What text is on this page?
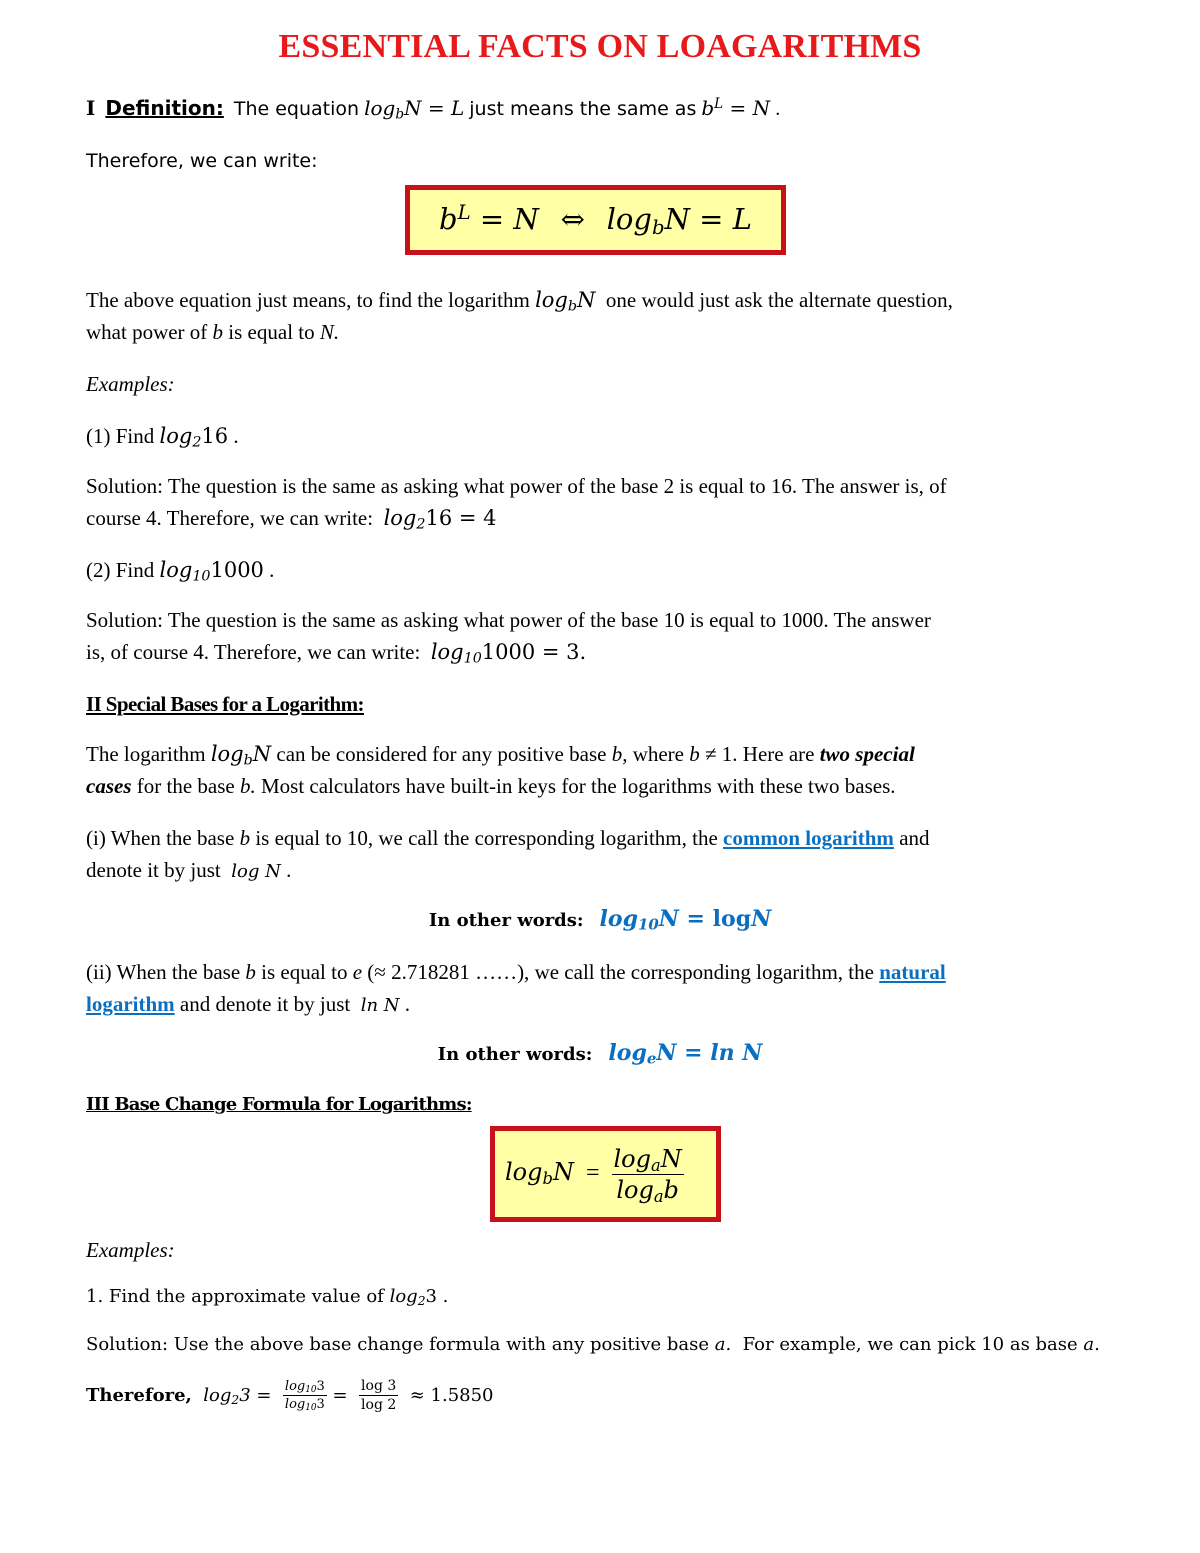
ESSENTIAL FACTS ON LOAGARITHMS
I Definition: The equation $\log_bN = L$ just means the same as $b^L = N$ .
Therefore, we can write:
$b^L = N$ ⇔ $\log_bN = L$
The above equation just means, to find the logarithm $\log_bN$ one would just ask the alternate question,
what power of b is equal to N.
Examples:
(1) Find $\log_216$ .
Solution: The question is the same as asking what power of the base 2 is equal to 16. The answer is, of
course 4. Therefore, we can write: $\log_216 = 4$
(2) Find $\log_{10}1000$ .
Solution: The question is the same as asking what power of the base 10 is equal to 1000. The answer
is, of course 4. Therefore, we can write: $\log_{10}1000 = 3$.
II Special Bases for a Logarithm:
The logarithm $\log_bN$ can be considered for any positive base b, where b ≠ 1. Here are two special
cases for the base b. Most calculators have built-in keys for the logarithms with these two bases.
(i) When the base b is equal to 10, we call the corresponding logarithm, the common logarithm and
denote it by just log N .
In other words: $\log_{10}N = \log N$
(ii) When the base b is equal to e (≈ 2.718281 ……), we call the corresponding logarithm, the natural
logarithm and denote it by just ln N .
In other words: $\log_eN = \ln N$
III Base Change Formula for Logarithms:
$\log_bN = \frac{\log_aN}{\log_ab}$
Examples:
1. Find the approximate value of $\log_23$ .
Solution: Use the above base change formula with any positive base a. For example, we can pick 10 as base a.
Therefore, $\log_23 = \frac{\log_{10}3}{\log_{10}3} = \frac{\log 3}{\log 2} \approx 1.5850$
